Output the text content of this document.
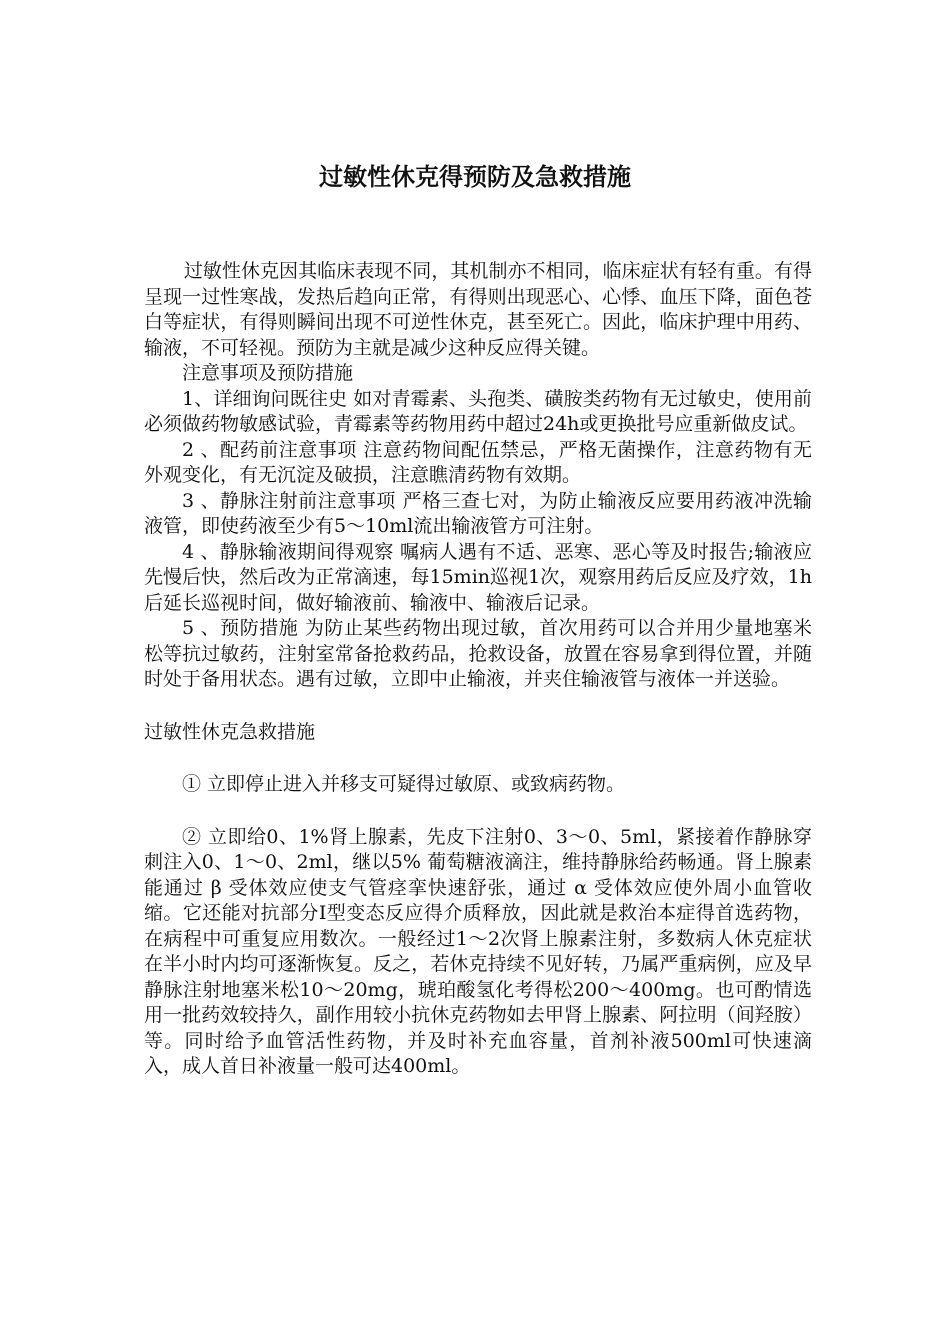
过敏性休克得预防及急救措施

过敏性休克因其临床表现不同，其机制亦不相同，临床症状有轻有重。有得呈现一过性寒战，发热后趋向正常，有得则出现恶心、心悸、血压下降，面色苍白等症状，有得则瞬间出现不可逆性休克，甚至死亡。因此，临床护理中用药、输液，不可轻视。预防为主就是减少这种反应得关键。

注意事项及预防措施

1、详细询问既往史 如对青霉素、头孢类、磺胺类药物有无过敏史，使用前必须做药物敏感试验，青霉素等药物用药中超过24h或更换批号应重新做皮试。

2 、配药前注意事项 注意药物间配伍禁忌，严格无菌操作，注意药物有无外观变化，有无沉淀及破损，注意瞧清药物有效期。

3 、静脉注射前注意事项 严格三查七对，为防止输液反应要用药液冲洗输液管，即使药液至少有5～10ml流出输液管方可注射。

4 、静脉输液期间得观察 嘱病人遇有不适、恶寒、恶心等及时报告;输液应先慢后快，然后改为正常滴速，每15min巡视1次，观察用药后反应及疗效，1h后延长巡视时间，做好输液前、输液中、输液后记录。

5 、预防措施 为防止某些药物出现过敏，首次用药可以合并用少量地塞米松等抗过敏药，注射室常备抢救药品，抢救设备，放置在容易拿到得位置，并随时处于备用状态。遇有过敏，立即中止输液，并夹住输液管与液体一并送验。

过敏性休克急救措施

① 立即停止进入并移支可疑得过敏原、或致病药物。

② 立即给0、1%肾上腺素，先皮下注射0、3～0、5ml，紧接着作静脉穿刺注入0、1～0、2ml，继以5% 葡萄糖液滴注，维持静脉给药畅通。肾上腺素能通过 β 受体效应使支气管痉挛快速舒张，通过 α 受体效应使外周小血管收缩。它还能对抗部分Ⅰ型变态反应得介质释放，因此就是救治本症得首选药物，在病程中可重复应用数次。一般经过1～2次肾上腺素注射，多数病人休克症状在半小时内均可逐渐恢复。反之，若休克持续不见好转，乃属严重病例，应及早静脉注射地塞米松10～20mg，琥珀酸氢化考得松200～400mg。也可酌情选用一批药效较持久，副作用较小抗休克药物如去甲肾上腺素、阿拉明（间羟胺）等。同时给予血管活性药物，并及时补充血容量，首剂补液500ml可快速滴入，成人首日补液量一般可达400ml。
